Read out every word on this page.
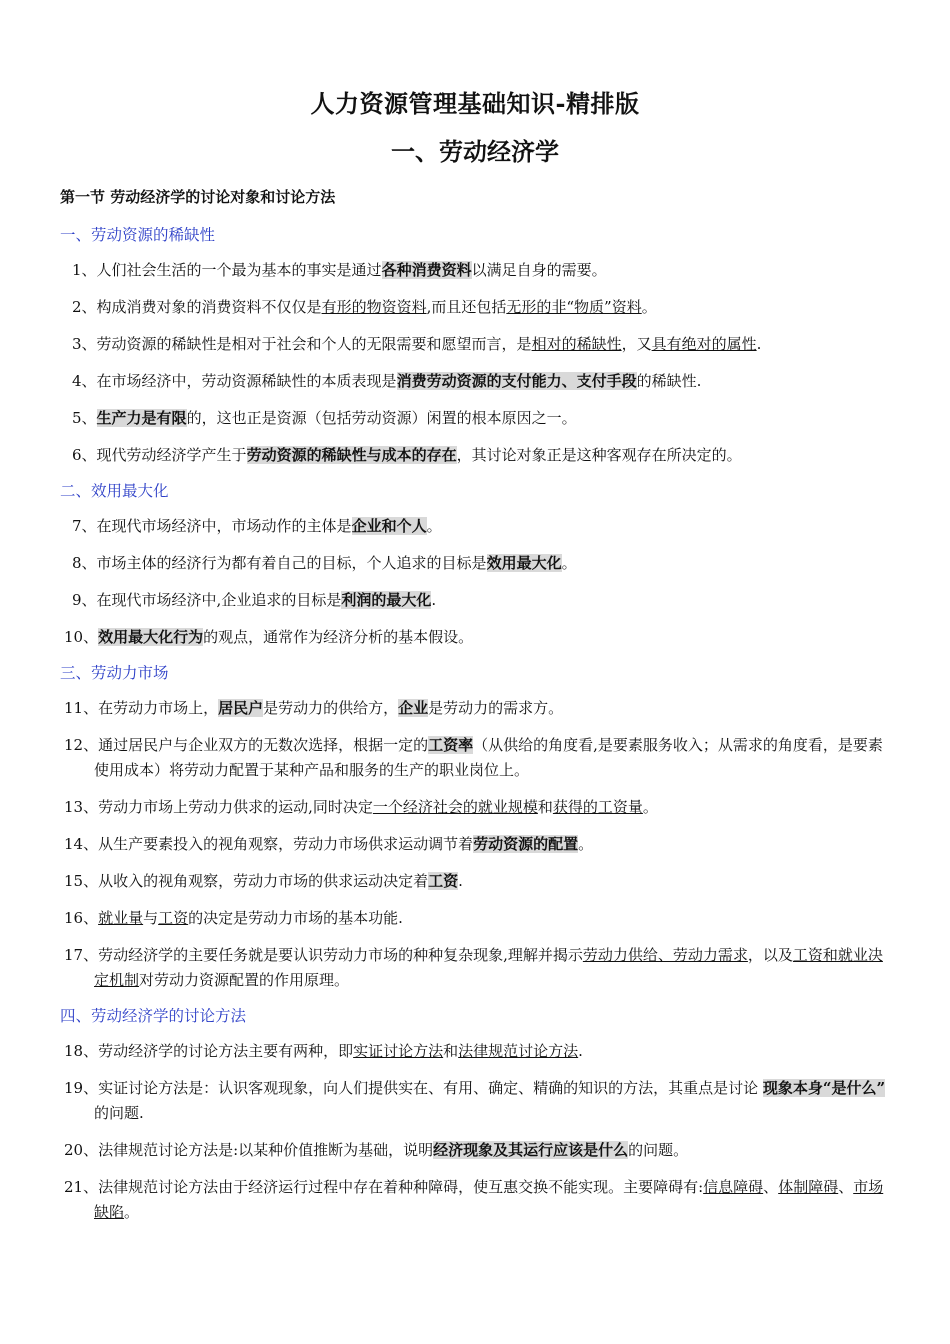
人力资源管理基础知识-精排版
一、劳动经济学
第一节 劳动经济学的讨论对象和讨论方法
一、劳动资源的稀缺性
1、人们社会生活的一个最为基本的事实是通过各种消费资料以满足自身的需要。
2、构成消费对象的消费资料不仅仅是有形的物资资料,而且还包括无形的非“物质”资料。
3、劳动资源的稀缺性是相对于社会和个人的无限需要和愿望而言，是相对的稀缺性，又具有绝对的属性.
4、在市场经济中，劳动资源稀缺性的本质表现是消费劳动资源的支付能力、支付手段的稀缺性.
5、生产力是有限的，这也正是资源（包括劳动资源）闲置的根本原因之一。
6、现代劳动经济学产生于劳动资源的稀缺性与成本的存在，其讨论对象正是这种客观存在所决定的。
二、效用最大化
7、在现代市场经济中，市场动作的主体是企业和个人。
8、市场主体的经济行为都有着自己的目标，个人追求的目标是效用最大化。
9、在现代市场经济中,企业追求的目标是利润的最大化.
10、效用最大化行为的观点，通常作为经济分析的基本假设。
三、劳动力市场
11、在劳动力市场上，居民户是劳动力的供给方，企业是劳动力的需求方。
12、通过居民户与企业双方的无数次选择，根据一定的工资率（从供给的角度看,是要素服务收入；从需求的角度看，是要素使用成本）将劳动力配置于某种产品和服务的生产的职业岗位上。
13、劳动力市场上劳动力供求的运动,同时决定一个经济社会的就业规模和获得的工资量。
14、从生产要素投入的视角观察，劳动力市场供求运动调节着劳动资源的配置。
15、从收入的视角观察，劳动力市场的供求运动决定着工资.
16、就业量与工资的决定是劳动力市场的基本功能.
17、劳动经济学的主要任务就是要认识劳动力市场的种种复杂现象,理解并揭示劳动力供给、劳动力需求，以及工资和就业决定机制对劳动力资源配置的作用原理。
四、劳动经济学的讨论方法
18、劳动经济学的讨论方法主要有两种，即实证讨论方法和法律规范讨论方法.
19、实证讨论方法是：认识客观现象，向人们提供实在、有用、确定、精确的知识的方法，其重点是讨论 现象本身“是什么” 的问题.
20、法律规范讨论方法是:以某种价值推断为基础，说明经济现象及其运行应该是什么的问题。
21、法律规范讨论方法由于经济运行过程中存在着种种障碍，使互惠交换不能实现。主要障碍有:信息障碍、体制障碍、市场缺陷。
